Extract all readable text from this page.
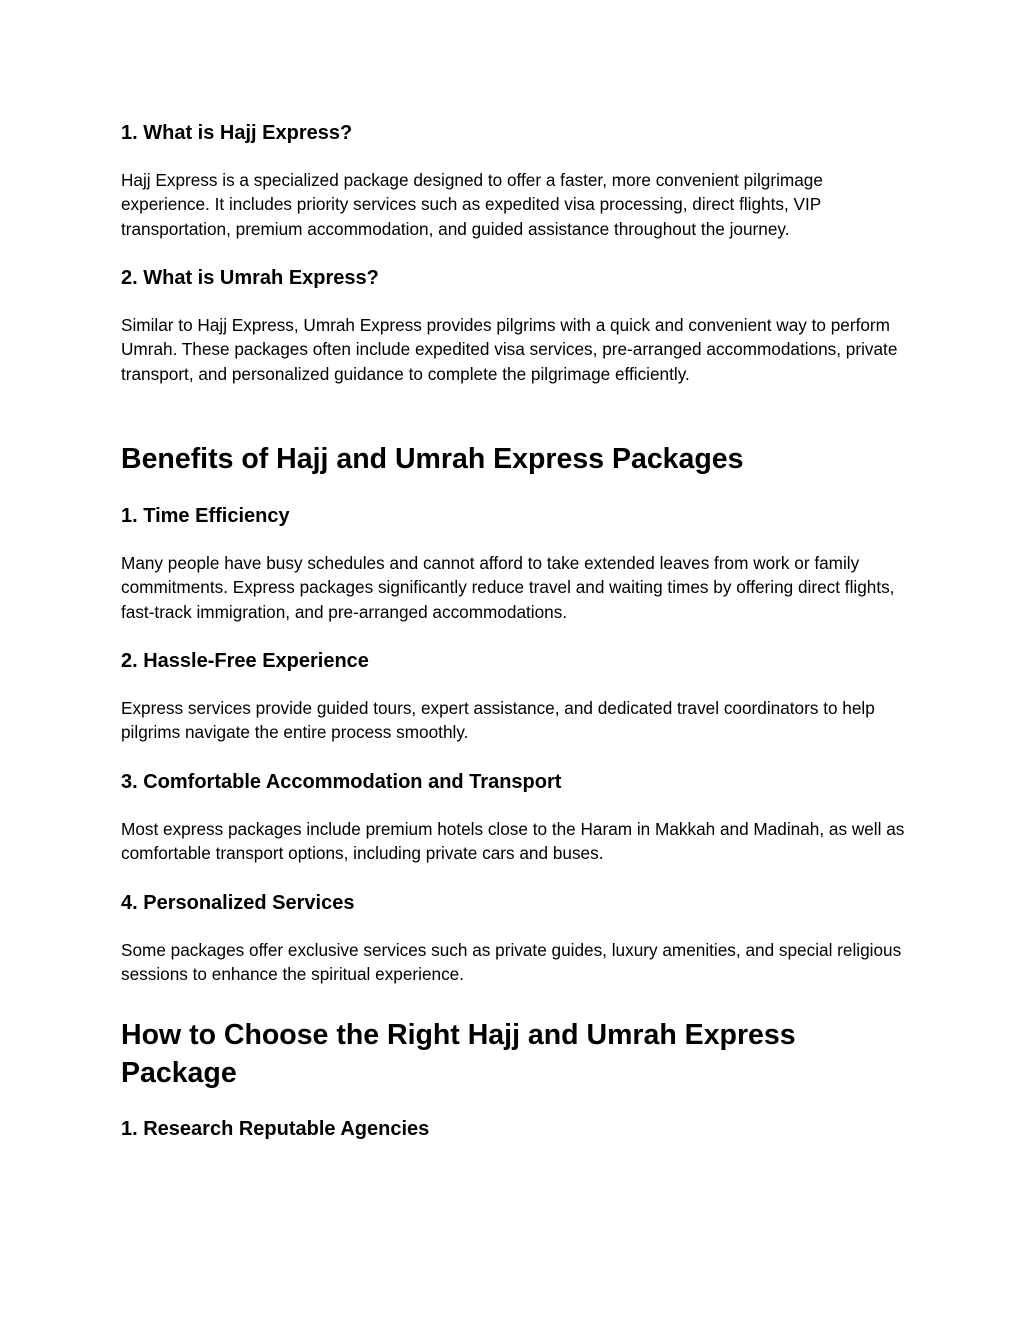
1. What is Hajj Express?

Hajj Express is a specialized package designed to offer a faster, more convenient pilgrimage experience. It includes priority services such as expedited visa processing, direct flights, VIP transportation, premium accommodation, and guided assistance throughout the journey.

2. What is Umrah Express?

Similar to Hajj Express, Umrah Express provides pilgrims with a quick and convenient way to perform Umrah. These packages often include expedited visa services, pre-arranged accommodations, private transport, and personalized guidance to complete the pilgrimage efficiently.

Benefits of Hajj and Umrah Express Packages
1. Time Efficiency

Many people have busy schedules and cannot afford to take extended leaves from work or family commitments. Express packages significantly reduce travel and waiting times by offering direct flights, fast-track immigration, and pre-arranged accommodations.

2. Hassle-Free Experience

Express services provide guided tours, expert assistance, and dedicated travel coordinators to help pilgrims navigate the entire process smoothly.

3. Comfortable Accommodation and Transport

Most express packages include premium hotels close to the Haram in Makkah and Madinah, as well as comfortable transport options, including private cars and buses.

4. Personalized Services

Some packages offer exclusive services such as private guides, luxury amenities, and special religious sessions to enhance the spiritual experience.

How to Choose the Right Hajj and Umrah Express Package
1. Research Reputable Agencies
